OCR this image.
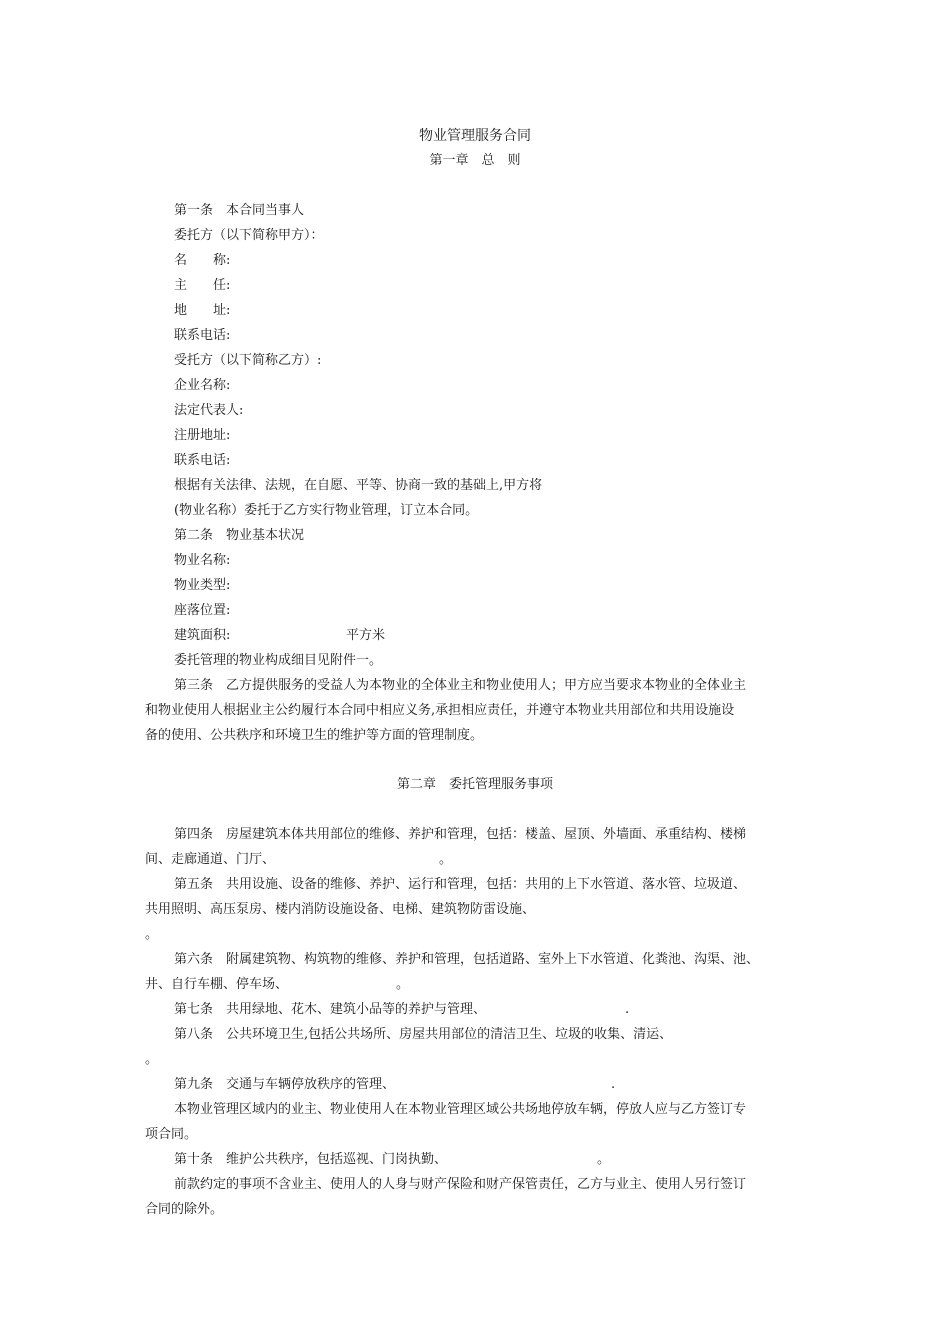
物业管理服务合同

第一章　总　则

第一条　本合同当事人

委托方（以下简称甲方）：

名　　称:

主　　任:

地　　址:

联系电话:

受托方（以下简称乙方）:

企业名称:

法定代表人:

注册地址:

联系电话:

根据有关法律、法规，在自愿、平等、协商一致的基础上,甲方将

(物业名称）委托于乙方实行物业管理，订立本合同。

第二条　物业基本状况

物业名称:

物业类型:

座落位置:

建筑面积:	平方米

委托管理的物业构成细目见附件一。

第三条　乙方提供服务的受益人为本物业的全体业主和物业使用人；甲方应当要求本物业的全体业主

和物业使用人根据业主公约履行本合同中相应义务,承担相应责任，并遵守本物业共用部位和共用设施设

备的使用、公共秩序和环境卫生的维护等方面的管理制度。

第二章　委托管理服务事项

第四条　房屋建筑本体共用部位的维修、养护和管理，包括：楼盖、屋顶、外墙面、承重结构、楼梯

间、走廊通道、门厅、	。

第五条　共用设施、设备的维修、养护、运行和管理，包括：共用的上下水管道、落水管、垃圾道、

共用照明、高压泵房、楼内消防设施设备、电梯、建筑物防雷设施、

。

第六条　附属建筑物、构筑物的维修、养护和管理，包括道路、室外上下水管道、化粪池、沟渠、池、

井、自行车棚、停车场、	。

第七条　共用绿地、花木、建筑小品等的养护与管理、	.

第八条　公共环境卫生,包括公共场所、房屋共用部位的清洁卫生、垃圾的收集、清运、

。

第九条　交通与车辆停放秩序的管理、	.

本物业管理区域内的业主、物业使用人在本物业管理区域公共场地停放车辆，停放人应与乙方签订专

项合同。

第十条　维护公共秩序，包括巡视、门岗执勤、	。

前款约定的事项不含业主、使用人的人身与财产保险和财产保管责任，乙方与业主、使用人另行签订

合同的除外。
